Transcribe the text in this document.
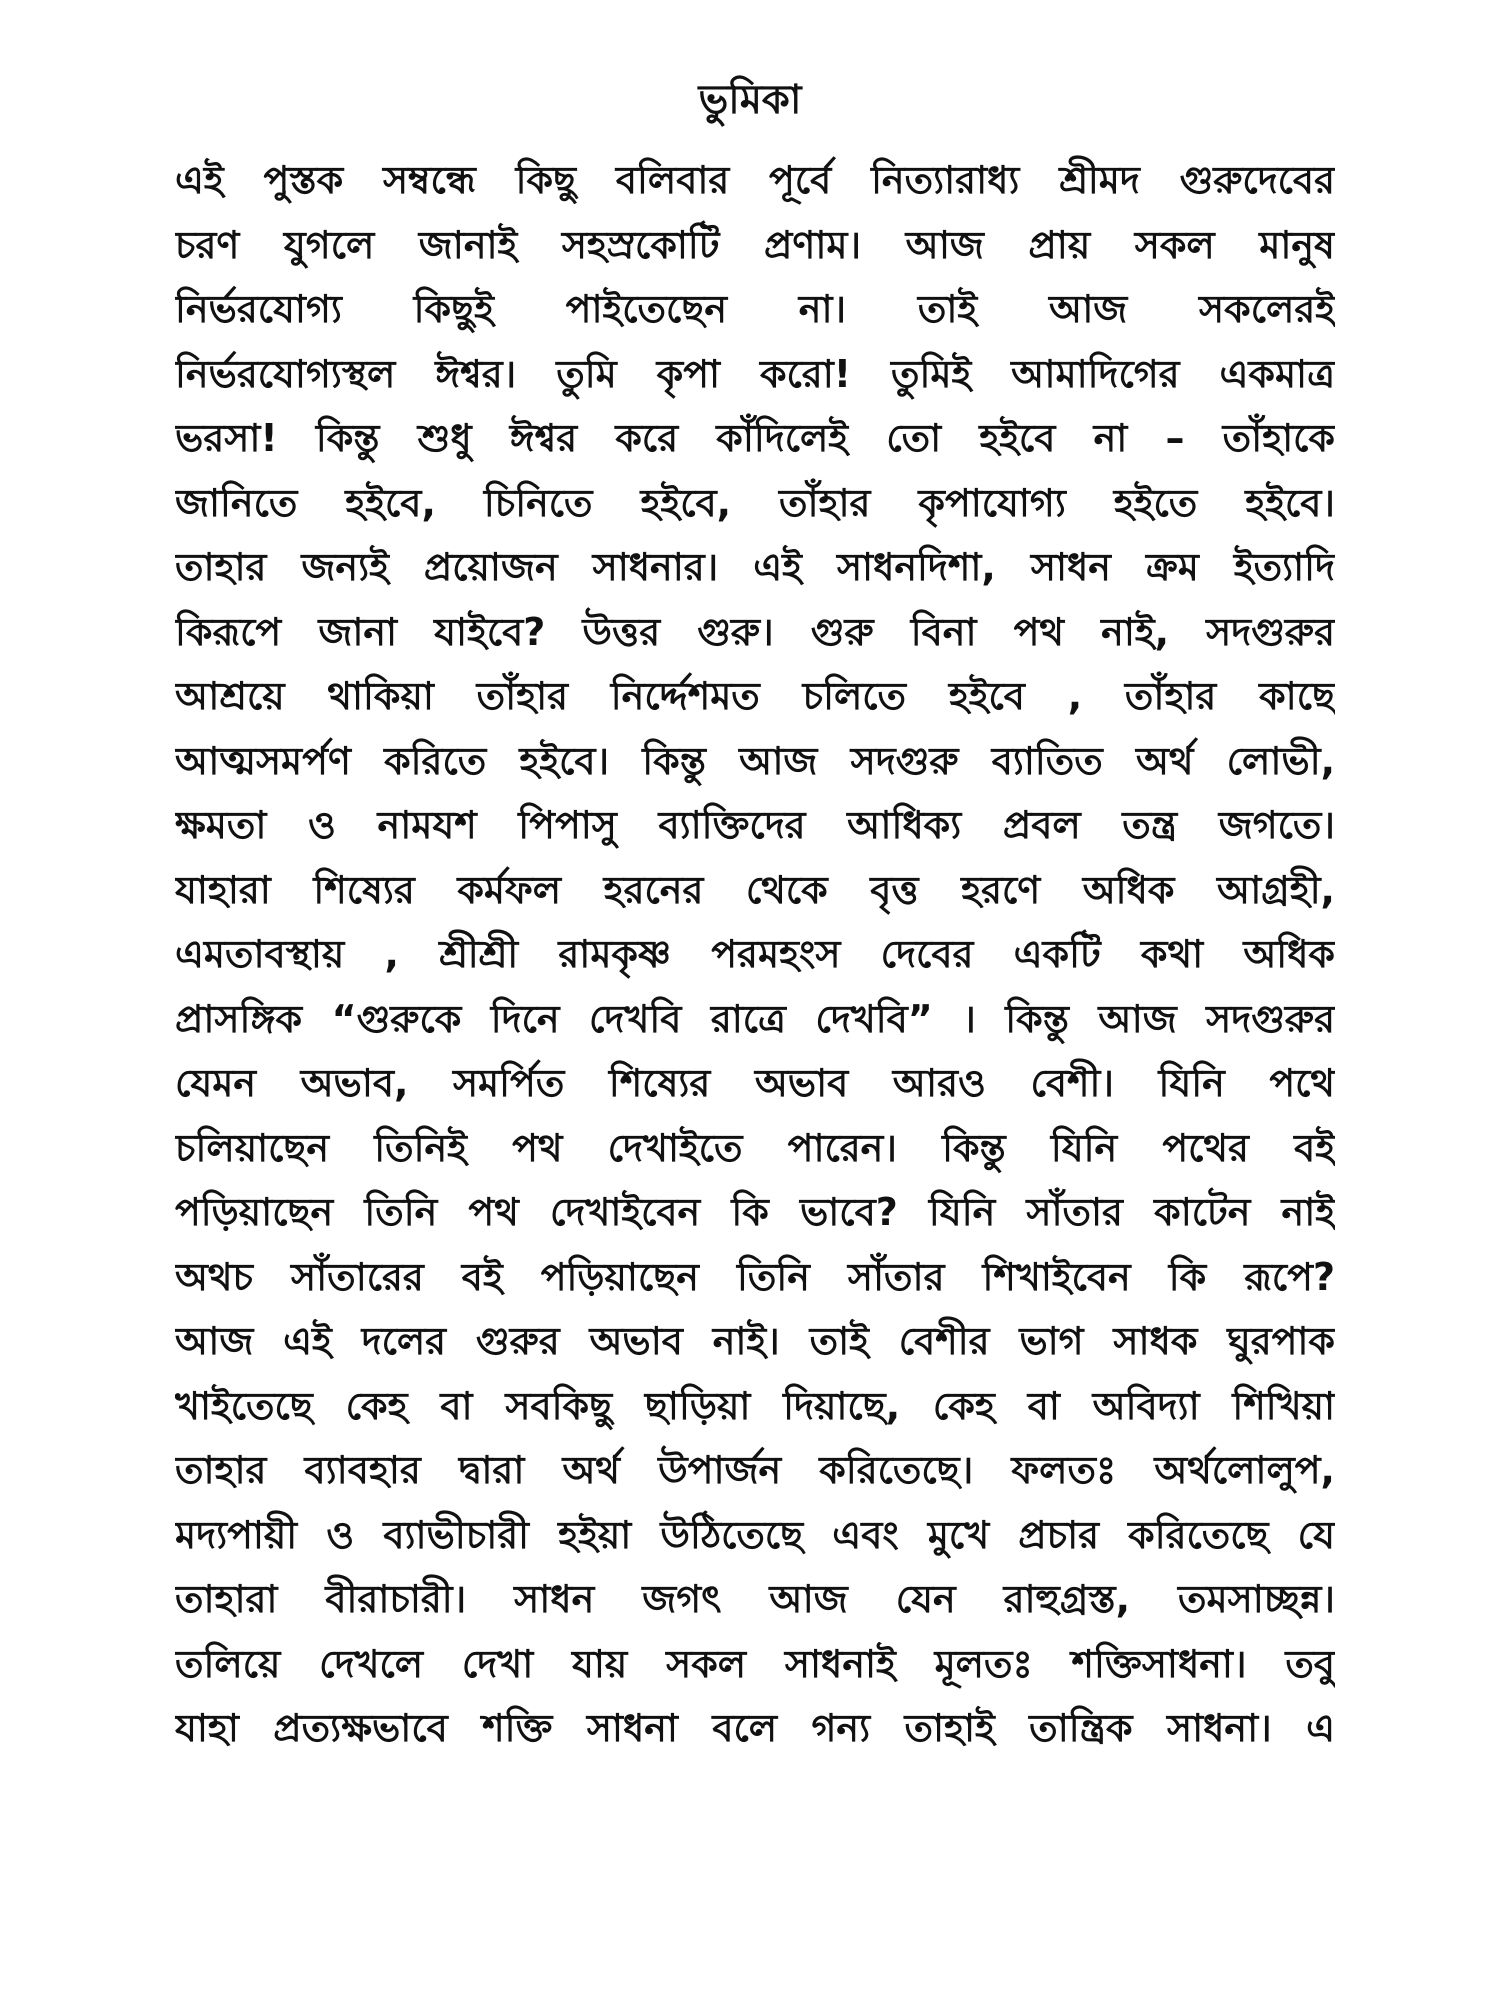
ভুমিকা
এই পুস্তক সম্বন্ধে কিছু বলিবার পূর্বে নিত্যারাধ্য শ্রীমদ গুরুদেবের
চরণ যুগলে জানাই সহস্রকোটি প্রণাম। আজ প্রায় সকল মানুষ
নির্ভরযোগ্য কিছুই পাইতেছেন না। তাই আজ সকলেরই
নির্ভরযোগ্যস্থল ঈশ্বর। তুমি কৃপা করো! তুমিই আমাদিগের একমাত্র
ভরসা! কিন্তু শুধু ঈশ্বর করে কাঁদিলেই তো হইবে না – তাঁহাকে
জানিতে হইবে, চিনিতে হইবে, তাঁহার কৃপাযোগ্য হইতে হইবে।
তাহার জন্যই প্রয়োজন সাধনার। এই সাধনদিশা, সাধন ক্রম ইত্যাদি
কিরূপে জানা যাইবে? উত্তর গুরু। গুরু বিনা পথ নাই, সদগুরুর
আশ্রয়ে থাকিয়া তাঁহার নির্দ্দেশমত চলিতে হইবে , তাঁহার কাছে
আত্মসমর্পণ করিতে হইবে। কিন্তু আজ সদগুরু ব্যাতিত অর্থ লোভী,
ক্ষমতা ও নামযশ পিপাসু ব্যাক্তিদের আধিক্য প্রবল তন্ত্র জগতে।
যাহারা শিষ্যের কর্মফল হরনের থেকে বৃত্ত হরণে অধিক আগ্রহী,
এমতাবস্থায় , শ্রীশ্রী রামকৃষ্ণ পরমহংস দেবের একটি কথা অধিক
প্রাসঙ্গিক “গুরুকে দিনে দেখবি রাত্রে দেখবি” । কিন্তু আজ সদগুরুর
যেমন অভাব, সমর্পিত শিষ্যের অভাব আরও বেশী। যিনি পথে
চলিয়াছেন তিনিই পথ দেখাইতে পারেন। কিন্তু যিনি পথের বই
পড়িয়াছেন তিনি পথ দেখাইবেন কি ভাবে? যিনি সাঁতার কাটেন নাই
অথচ সাঁতারের বই পড়িয়াছেন তিনি সাঁতার শিখাইবেন কি রূপে?
আজ এই দলের গুরুর অভাব নাই। তাই বেশীর ভাগ সাধক ঘুরপাক
খাইতেছে কেহ বা সবকিছু ছাড়িয়া দিয়াছে, কেহ বা অবিদ্যা শিখিয়া
তাহার ব্যাবহার দ্বারা অর্থ উপার্জন করিতেছে। ফলতঃ অর্থলোলুপ,
মদ্যপায়ী ও ব্যাভীচারী হইয়া উঠিতেছে এবং মুখে প্রচার করিতেছে যে
তাহারা বীরাচারী। সাধন জগৎ আজ যেন রাহুগ্রস্ত, তমসাচ্ছন্ন।
তলিয়ে দেখলে দেখা যায় সকল সাধনাই মূলতঃ শক্তিসাধনা। তবু
যাহা প্রত্যক্ষভাবে শক্তি সাধনা বলে গন্য তাহাই তান্ত্রিক সাধনা। এ
